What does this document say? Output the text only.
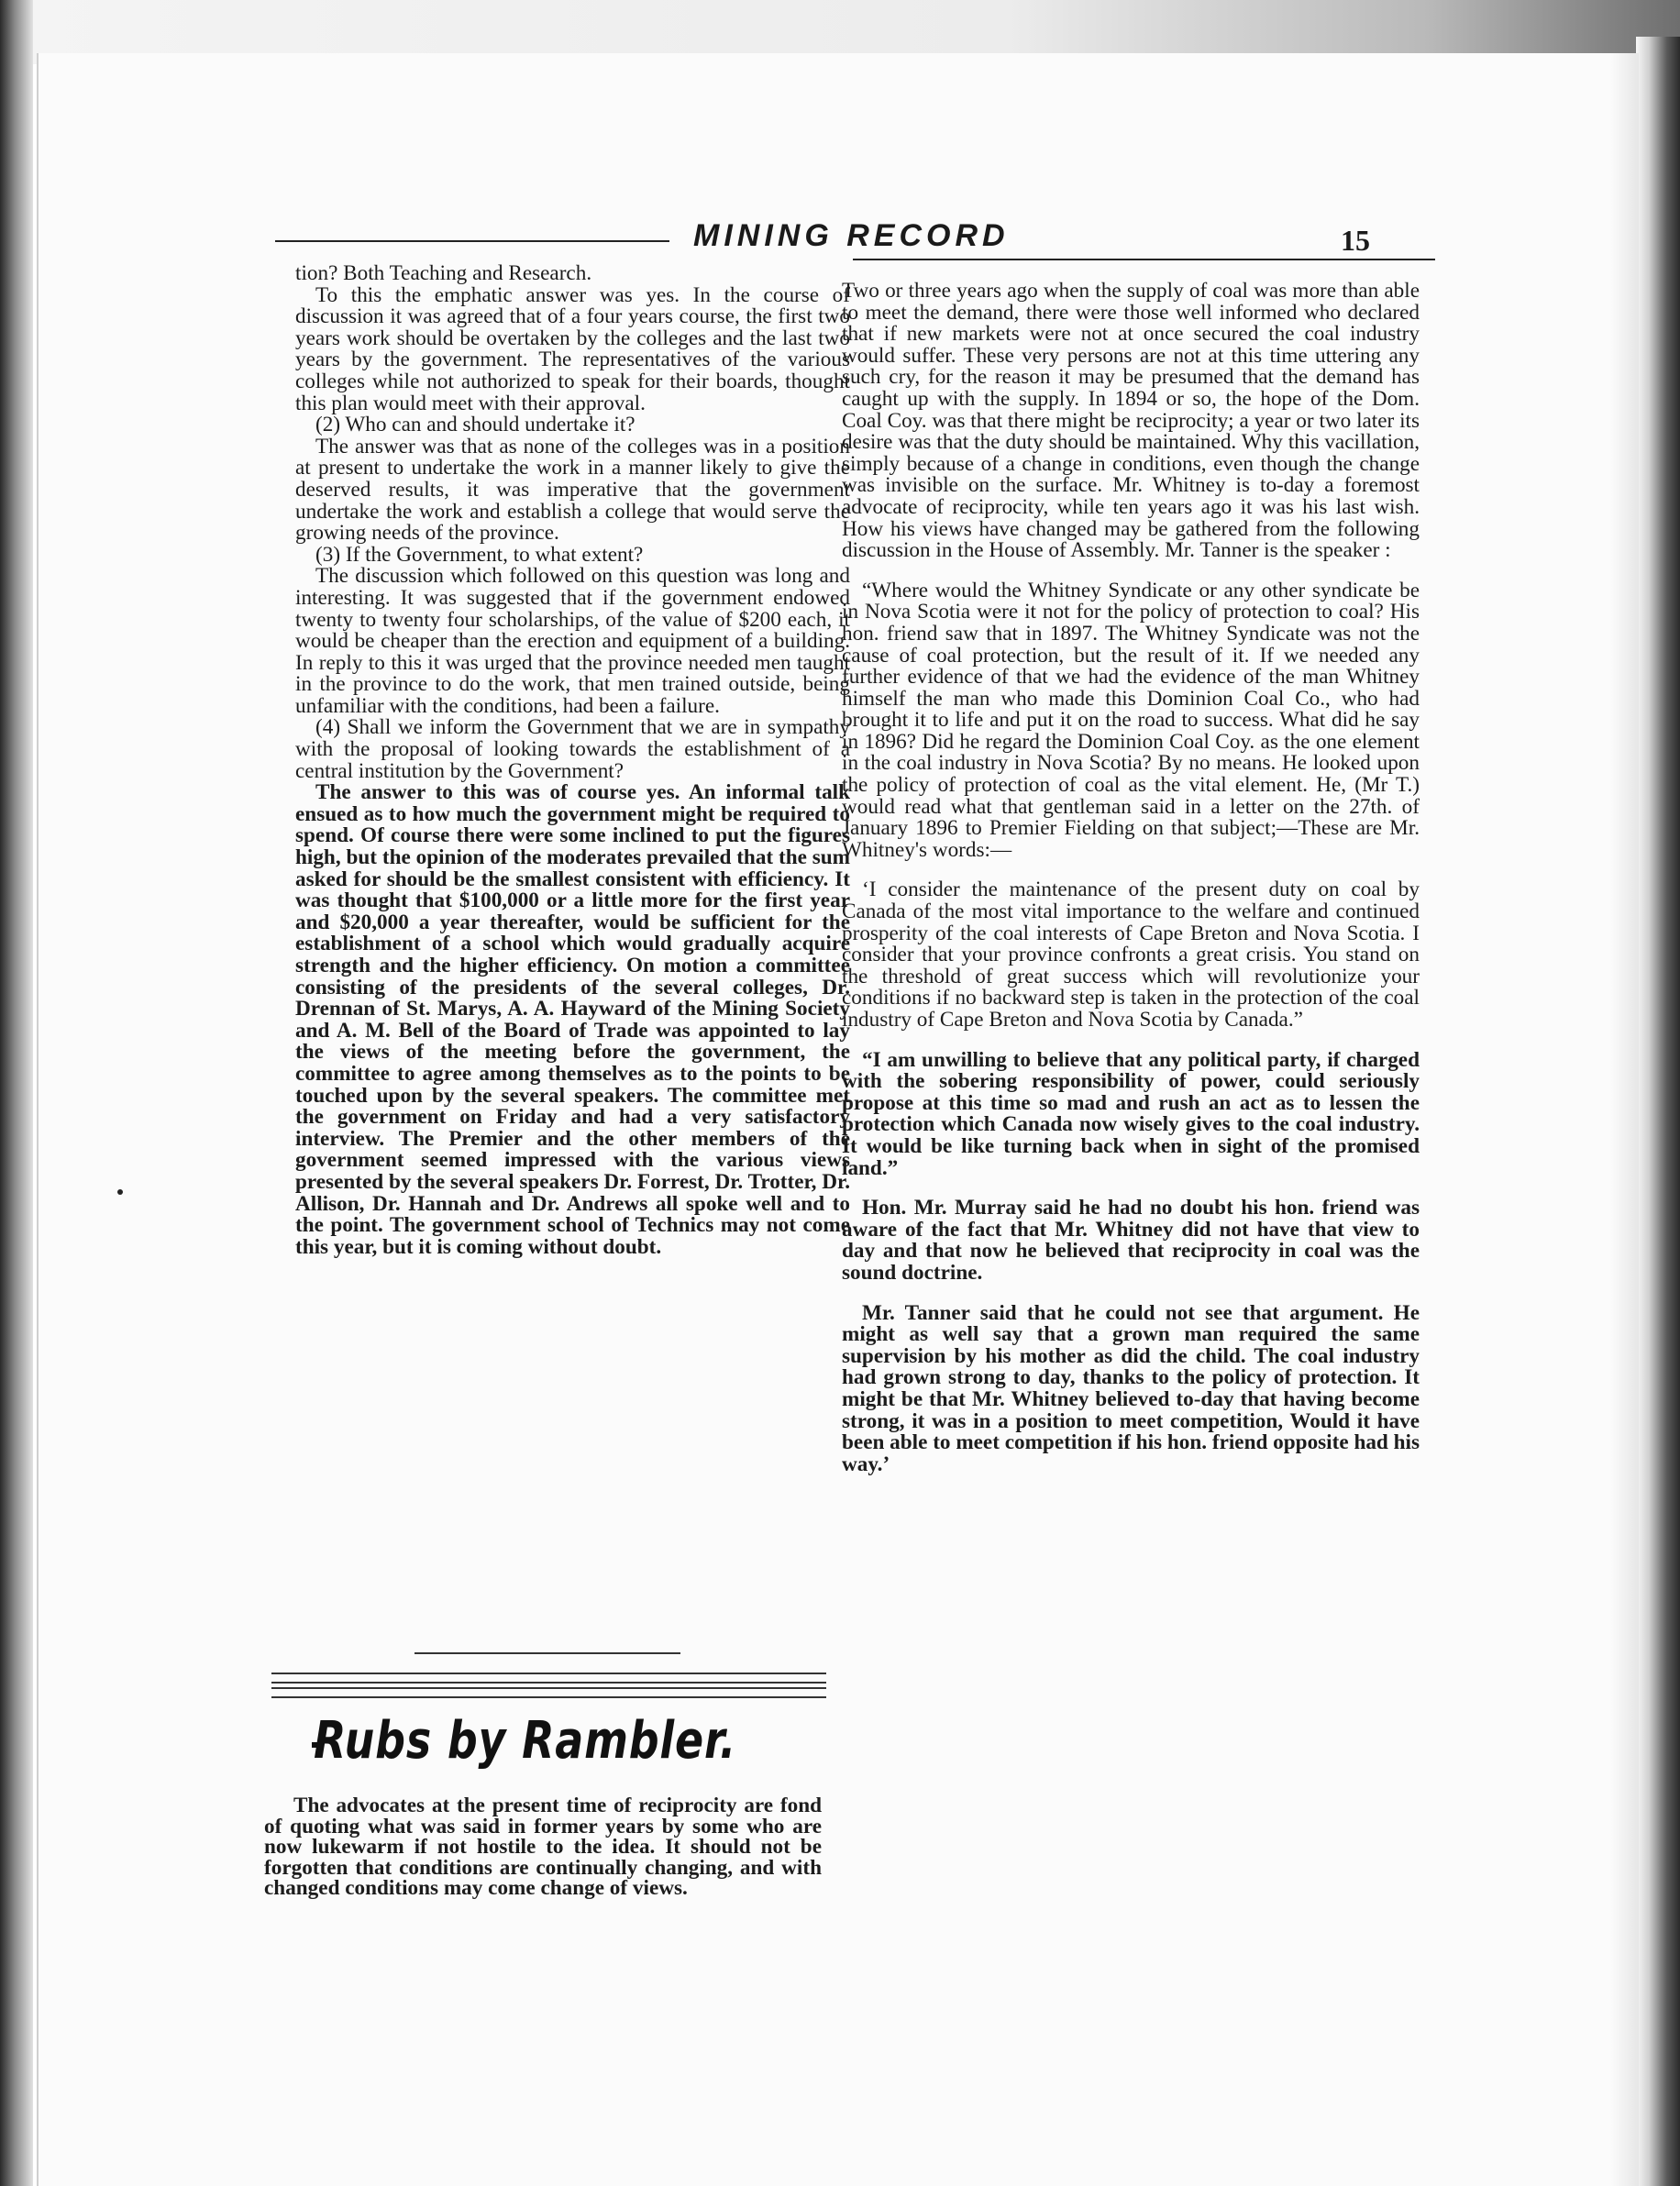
MINING RECORD	15

tion? Both Teaching and Research.

To this the emphatic answer was yes. In the course of discussion it was agreed that of a four years course, the first two years work should be overtaken by the colleges and the last two years by the government. The representatives of the various colleges while not authorized to speak for their boards, thought this plan would meet with their approval.

(2) Who can and should undertake it?

The answer was that as none of the colleges was in a position at present to undertake the work in a manner likely to give the deserved results, it was imperative that the government undertake the work and establish a college that would serve the growing needs of the province.

(3) If the Government, to what extent?

The discussion which followed on this question was long and interesting. It was suggested that if the government endowed twenty to twenty four scholarships, of the value of $200 each, it would be cheaper than the erection and equipment of a building. In reply to this it was urged that the province needed men taught in the province to do the work, that men trained outside, being unfamiliar with the conditions, had been a failure.

(4) Shall we inform the Government that we are in sympathy with the proposal of looking towards the establishment of a central institution by the Government?

The answer to this was of course yes. An informal talk ensued as to how much the government might be required to spend. Of course there were some inclined to put the figures high, but the opinion of the moderates prevailed that the sum asked for should be the smallest consistent with efficiency. It was thought that $100,000 or a little more for the first year and $20,000 a year thereafter, would be sufficient for the establishment of a school which would gradually acquire strength and the higher efficiency. On motion a committee consisting of the presidents of the several colleges, Dr. Drennan of St. Marys, A. A. Hayward of the Mining Society and A. M. Bell of the Board of Trade was appointed to lay the views of the meeting before the government, the committee to agree among themselves as to the points to be touched upon by the several speakers. The committee met the government on Friday and had a very satisfactory interview. The Premier and the other members of the government seemed impressed with the various views presented by the several speakers Dr. Forrest, Dr. Trotter, Dr. Allison, Dr. Hannah and Dr. Andrews all spoke well and to the point. The government school of Technics may not come this year, but it is coming without doubt.

Rubs by Rambler.

The advocates at the present time of reciprocity are fond of quoting what was said in former years by some who are now lukewarm if not hostile to the idea. It should not be forgotten that conditions are continually changing, and with changed conditions may come change of views.

Two or three years ago when the supply of coal was more than able to meet the demand, there were those well informed who declared that if new markets were not at once secured the coal industry would suffer. These very persons are not at this time uttering any such cry, for the reason it may be presumed that the demand has caught up with the supply. In 1894 or so, the hope of the Dom. Coal Coy. was that there might be reciprocity; a year or two later its desire was that the duty should be maintained. Why this vacillation, simply because of a change in conditions, even though the change was invisible on the surface. Mr. Whitney is to-day a foremost advocate of reciprocity, while ten years ago it was his last wish. How his views have changed may be gathered from the following discussion in the House of Assembly. Mr. Tanner is the speaker :

“Where would the Whitney Syndicate or any other syndicate be in Nova Scotia were it not for the policy of protection to coal? His hon. friend saw that in 1897. The Whitney Syndicate was not the cause of coal protection, but the result of it. If we needed any further evidence of that we had the evidence of the man Whitney himself the man who made this Dominion Coal Co., who had brought it to life and put it on the road to success. What did he say in 1896? Did he regard the Dominion Coal Coy. as the one element in the coal industry in Nova Scotia? By no means. He looked upon the policy of protection of coal as the vital element. He, (Mr T.) would read what that gentleman said in a letter on the 27th. of January 1896 to Premier Fielding on that subject;—These are Mr. Whitney's words:—

‘I consider the maintenance of the present duty on coal by Canada of the most vital importance to the welfare and continued prosperity of the coal interests of Cape Breton and Nova Scotia. I consider that your province confronts a great crisis. You stand on the threshold of great success which will revolutionize your conditions if no backward step is taken in the protection of the coal industry of Cape Breton and Nova Scotia by Canada.”

“I am unwilling to believe that any political party, if charged with the sobering responsibility of power, could seriously propose at this time so mad and rush an act as to lessen the protection which Canada now wisely gives to the coal industry. It would be like turning back when in sight of the promised land.”

Hon. Mr. Murray said he had no doubt his hon. friend was aware of the fact that Mr. Whitney did not have that view to day and that now he believed that reciprocity in coal was the sound doctrine.

Mr. Tanner said that he could not see that argument. He might as well say that a grown man required the same supervision by his mother as did the child. The coal industry had grown strong to day, thanks to the policy of protection. It might be that Mr. Whitney believed to-day that having become strong, it was in a position to meet competition, Would it have been able to meet competition if his hon. friend opposite had his way.’
